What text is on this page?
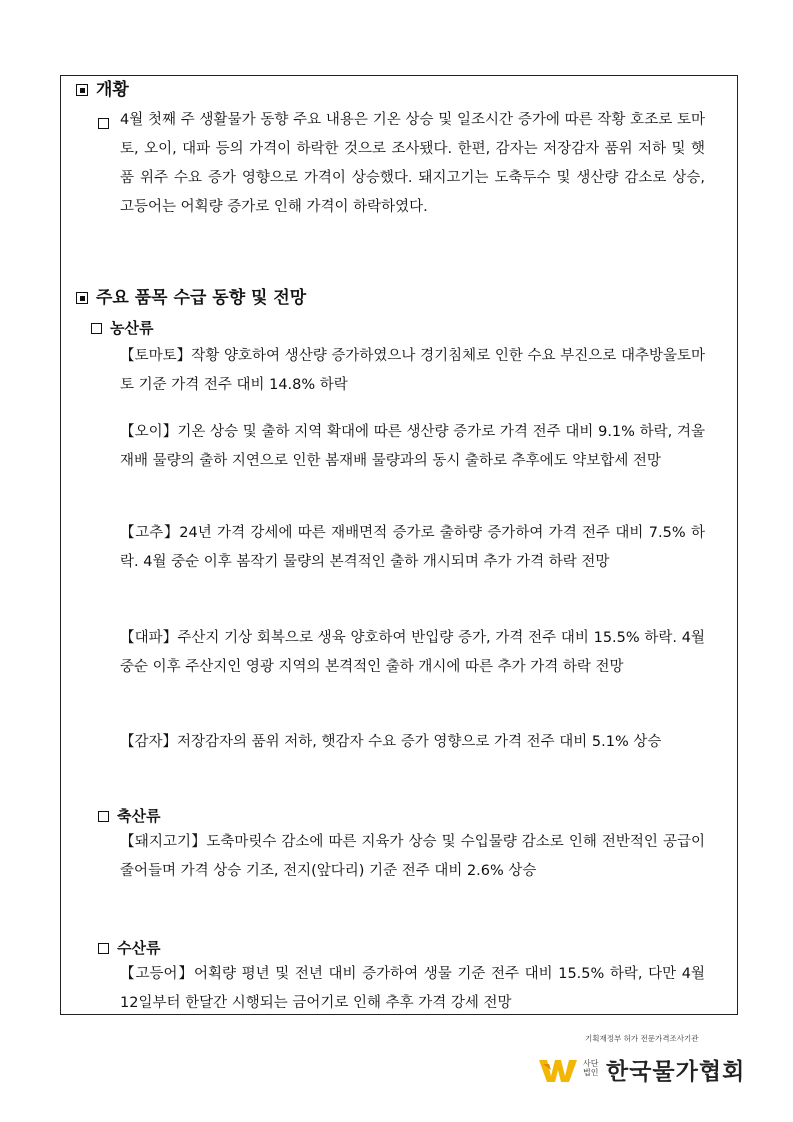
개황

4월 첫째 주 생활물가 동향 주요 내용은 기온 상승 및 일조시간 증가에 따른 작황 호조로 토마토, 오이, 대파 등의 가격이 하락한 것으로 조사됐다. 한편, 감자는 저장감자 품위 저하 및 햇품 위주 수요 증가 영향으로 가격이 상승했다. 돼지고기는 도축두수 및 생산량 감소로 상승, 고등어는 어획량 증가로 인해 가격이 하락하였다.

주요 품목 수급 동향 및 전망
농산류

【토마토】작황 양호하여 생산량 증가하였으나 경기침체로 인한 수요 부진으로 대추방울토마토 기준 가격 전주 대비 14.8% 하락

【오이】기온 상승 및 출하 지역 확대에 따른 생산량 증가로 가격 전주 대비 9.1% 하락, 겨울재배 물량의 출하 지연으로 인한 봄재배 물량과의 동시 출하로 추후에도 약보합세 전망

【고추】24년 가격 강세에 따른 재배면적 증가로 출하량 증가하여 가격 전주 대비 7.5% 하락. 4월 중순 이후 봄작기 물량의 본격적인 출하 개시되며 추가 가격 하락 전망

【대파】주산지 기상 회복으로 생육 양호하여 반입량 증가, 가격 전주 대비 15.5% 하락. 4월 중순 이후 주산지인 영광 지역의 본격적인 출하 개시에 따른 추가 가격 하락 전망

【감자】저장감자의 품위 저하, 햇감자 수요 증가 영향으로 가격 전주 대비 5.1% 상승

축산류

【돼지고기】도축마릿수 감소에 따른 지육가 상승 및 수입물량 감소로 인해 전반적인 공급이 줄어들며 가격 상승 기조, 전지(앞다리) 기준 전주 대비 2.6% 상승

수산류

【고등어】어획량 평년 및 전년 대비 증가하여 생물 기준 전주 대비 15.5% 하락, 다만 4월 12일부터 한달간 시행되는 금어기로 인해 추후 가격 강세 전망

기획재정부 허가 전문가격조사기관
사단법인 한국물가협회
